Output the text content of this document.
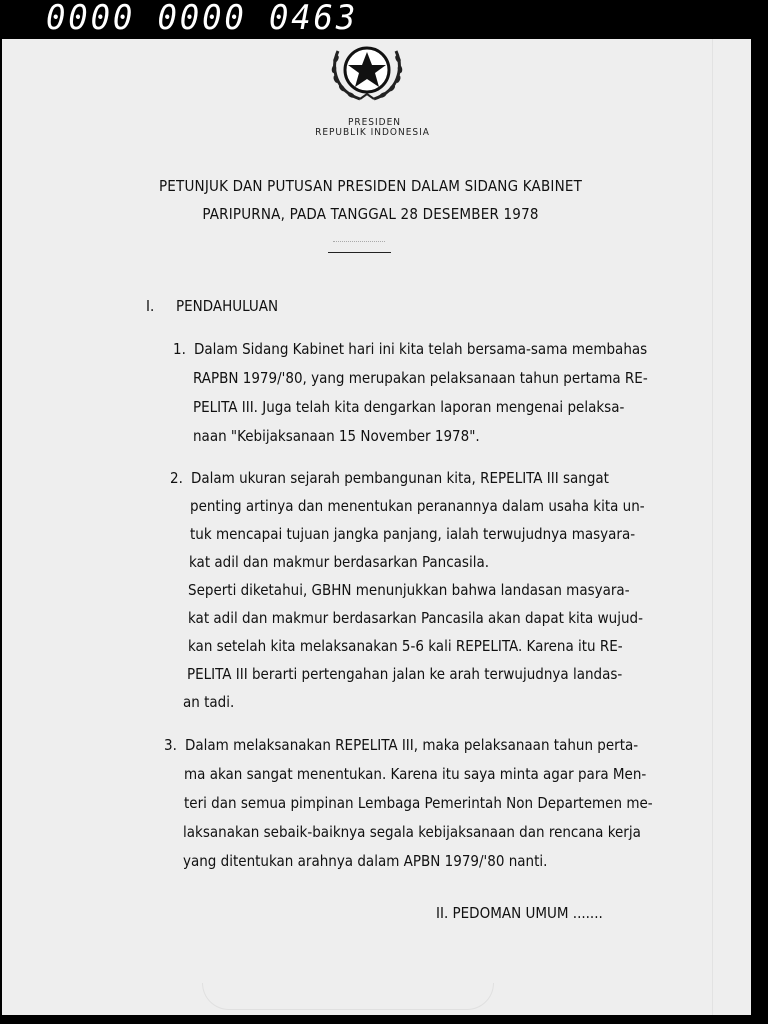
0000 0000 0463
PRESIDEN
REPUBLIK INDONESIA
PETUNJUK DAN PUTUSAN PRESIDEN DALAM SIDANG KABINET
PARIPURNA, PADA TANGGAL 28 DESEMBER 1978
I. PENDAHULUAN
1. Dalam Sidang Kabinet hari ini kita telah bersama-sama membahas
RAPBN 1979/'80, yang merupakan pelaksanaan tahun pertama RE-
PELITA III. Juga telah kita dengarkan laporan mengenai pelaksa-
naan "Kebijaksanaan 15 November 1978".
2. Dalam ukuran sejarah pembangunan kita, REPELITA III sangat
penting artinya dan menentukan peranannya dalam usaha kita un-
tuk mencapai tujuan jangka panjang, ialah terwujudnya masyara-
kat adil dan makmur berdasarkan Pancasila.
Seperti diketahui, GBHN menunjukkan bahwa landasan masyara-
kat adil dan makmur berdasarkan Pancasila akan dapat kita wujud-
kan setelah kita melaksanakan 5-6 kali REPELITA. Karena itu RE-
PELITA III berarti pertengahan jalan ke arah terwujudnya landas-
an tadi.
3. Dalam melaksanakan REPELITA III, maka pelaksanaan tahun perta-
ma akan sangat menentukan. Karena itu saya minta agar para Men-
teri dan semua pimpinan Lembaga Pemerintah Non Departemen me-
laksanakan sebaik-baiknya segala kebijaksanaan dan rencana kerja
yang ditentukan arahnya dalam APBN 1979/'80 nanti.
II. PEDOMAN UMUM .......
